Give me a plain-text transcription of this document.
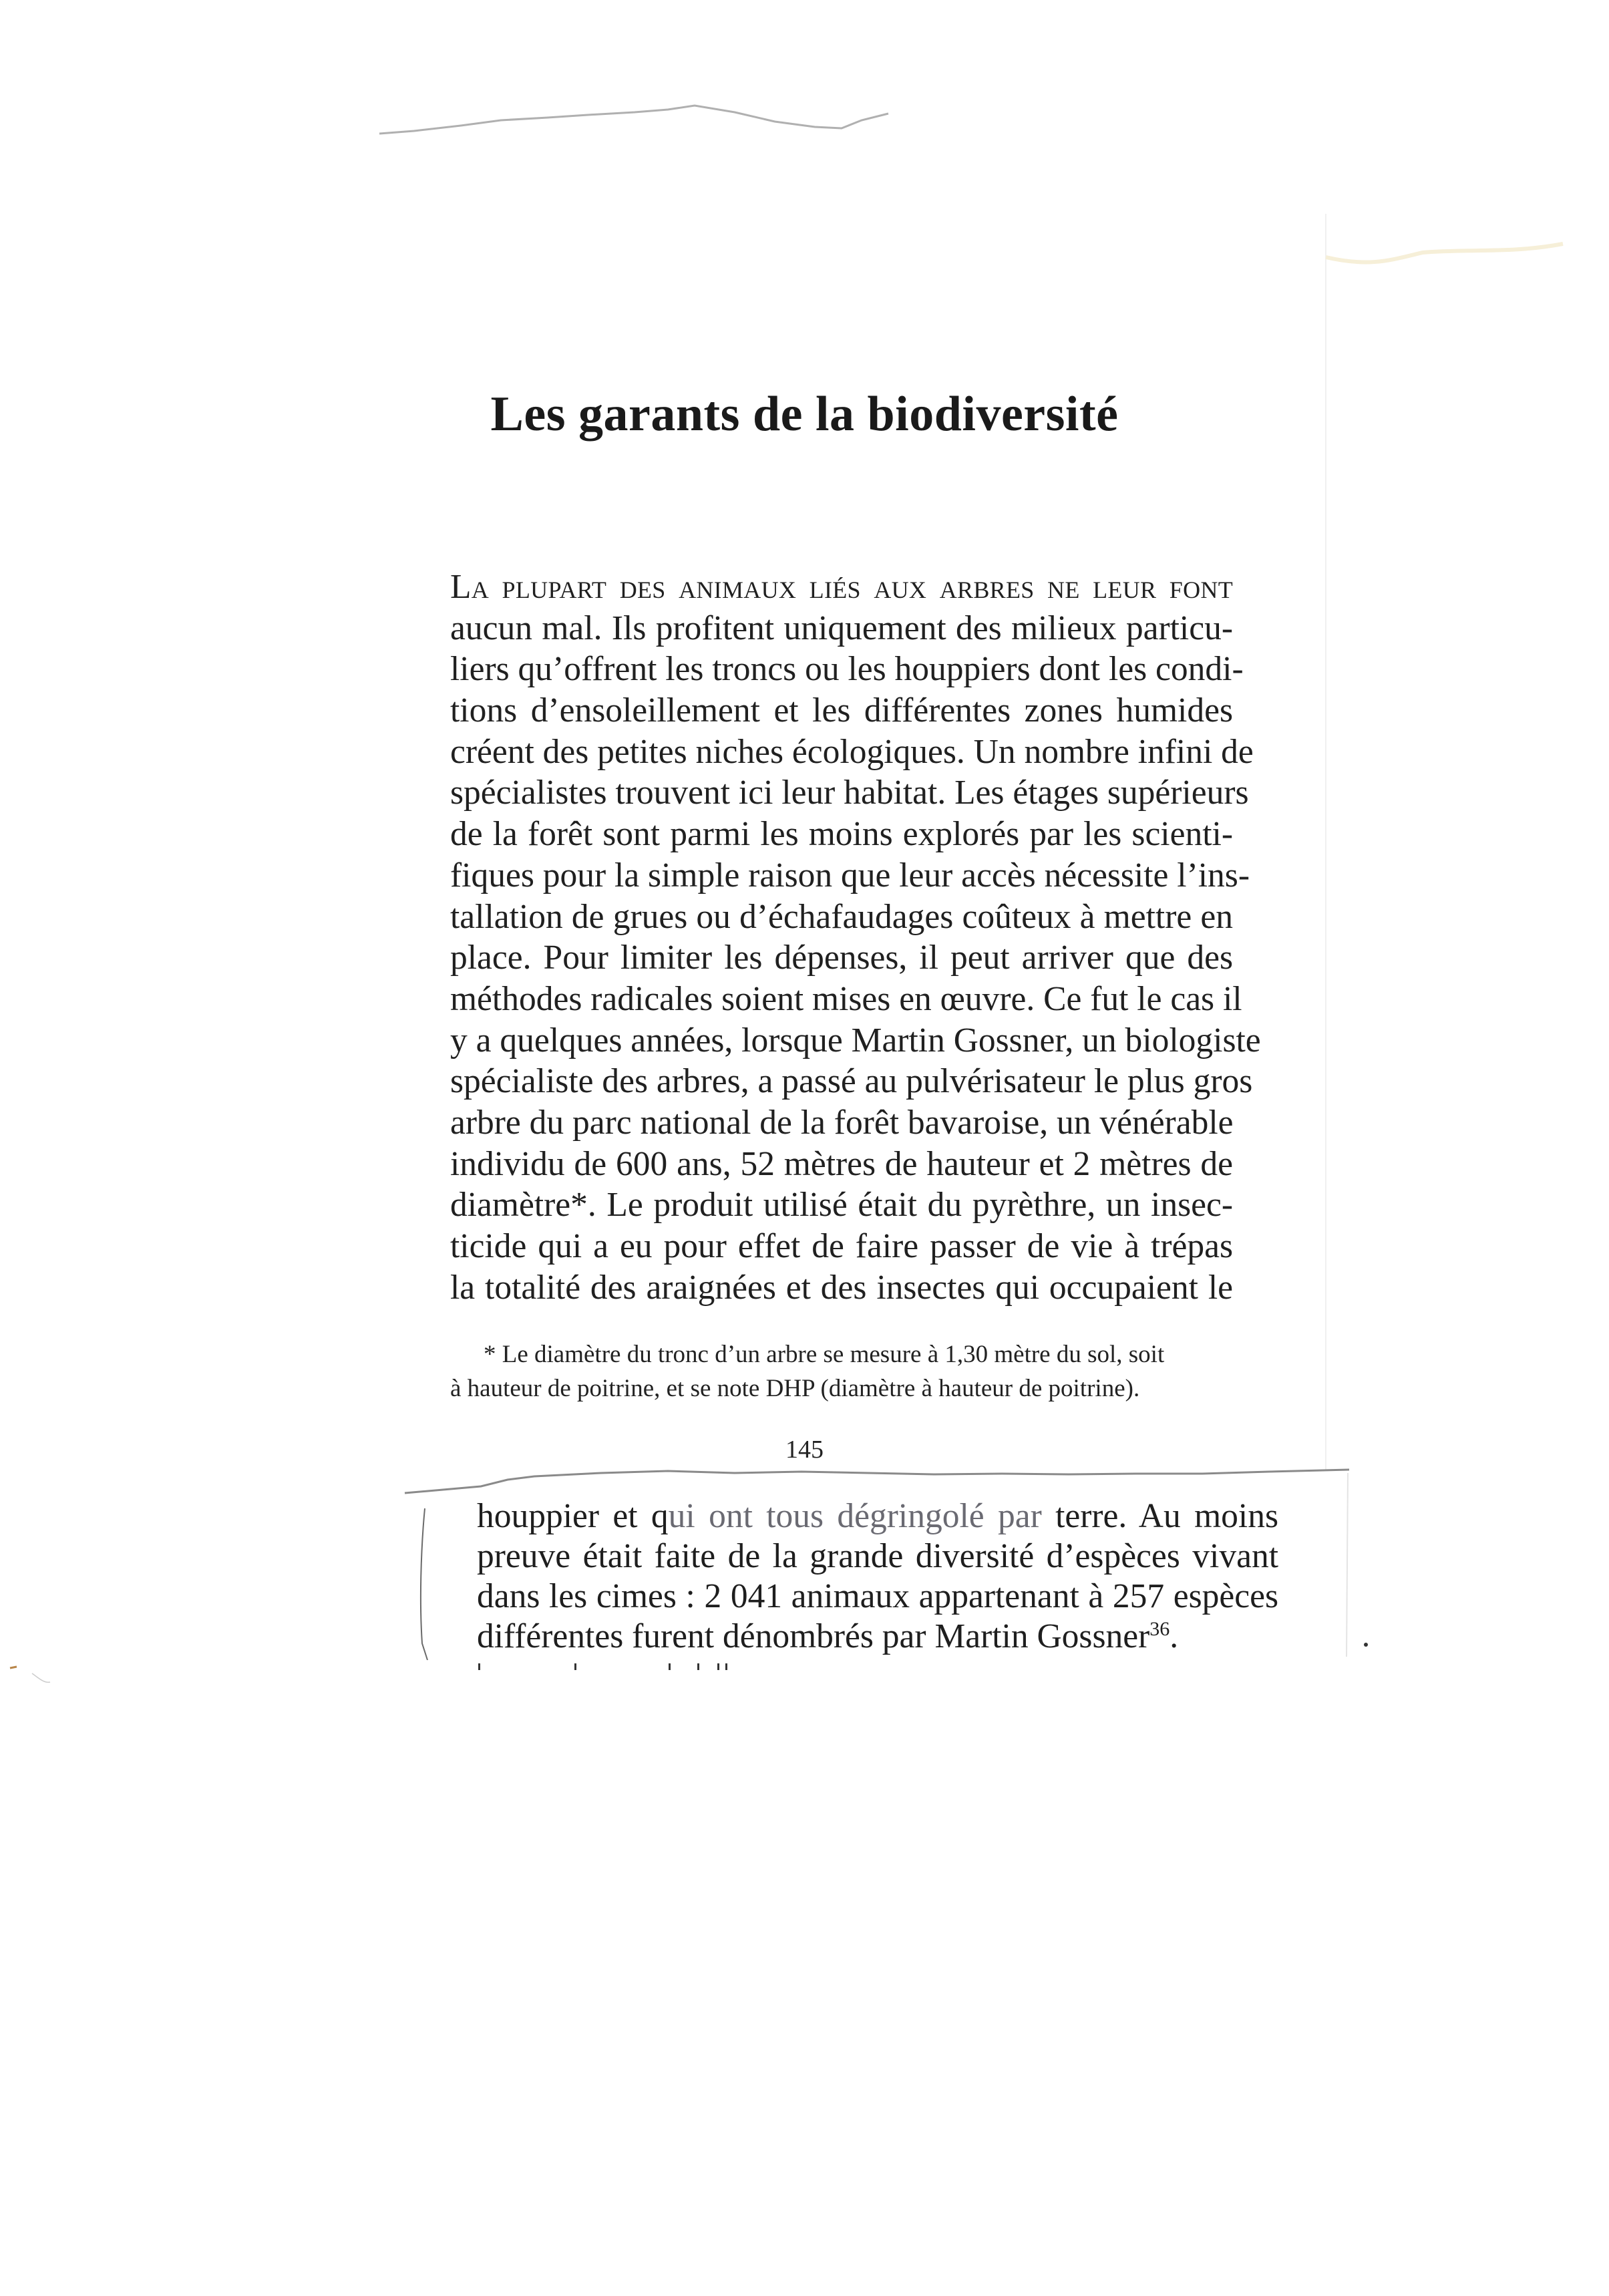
Les garants de la biodiversité
La plupart des animaux liés aux arbres ne leur font
aucun mal. Ils profitent uniquement des milieux particu-
liers qu’offrent les troncs ou les houppiers dont les condi-
tions d’ensoleillement et les différentes zones humides
créent des petites niches écologiques. Un nombre infini de
spécialistes trouvent ici leur habitat. Les étages supérieurs
de la forêt sont parmi les moins explorés par les scienti-
fiques pour la simple raison que leur accès nécessite l’ins-
tallation de grues ou d’échafaudages coûteux à mettre en
place. Pour limiter les dépenses, il peut arriver que des
méthodes radicales soient mises en œuvre. Ce fut le cas il
y a quelques années, lorsque Martin Gossner, un biologiste
spécialiste des arbres, a passé au pulvérisateur le plus gros
arbre du parc national de la forêt bavaroise, un vénérable
individu de 600 ans, 52 mètres de hauteur et 2 mètres de
diamètre*. Le produit utilisé était du pyrèthre, un insec-
ticide qui a eu pour effet de faire passer de vie à trépas
la totalité des araignées et des insectes qui occupaient le
* Le diamètre du tronc d’un arbre se mesure à 1,30 mètre du sol, soit
à hauteur de poitrine, et se note DHP (diamètre à hauteur de poitrine).
145
houppier et qui ont tous dégringolé par terre. Au moins
preuve était faite de la grande diversité d’espèces vivant
dans les cimes : 2 041 animaux appartenant à 257 espèces
différentes furent dénombrés par Martin Gossner$^{36}$.
